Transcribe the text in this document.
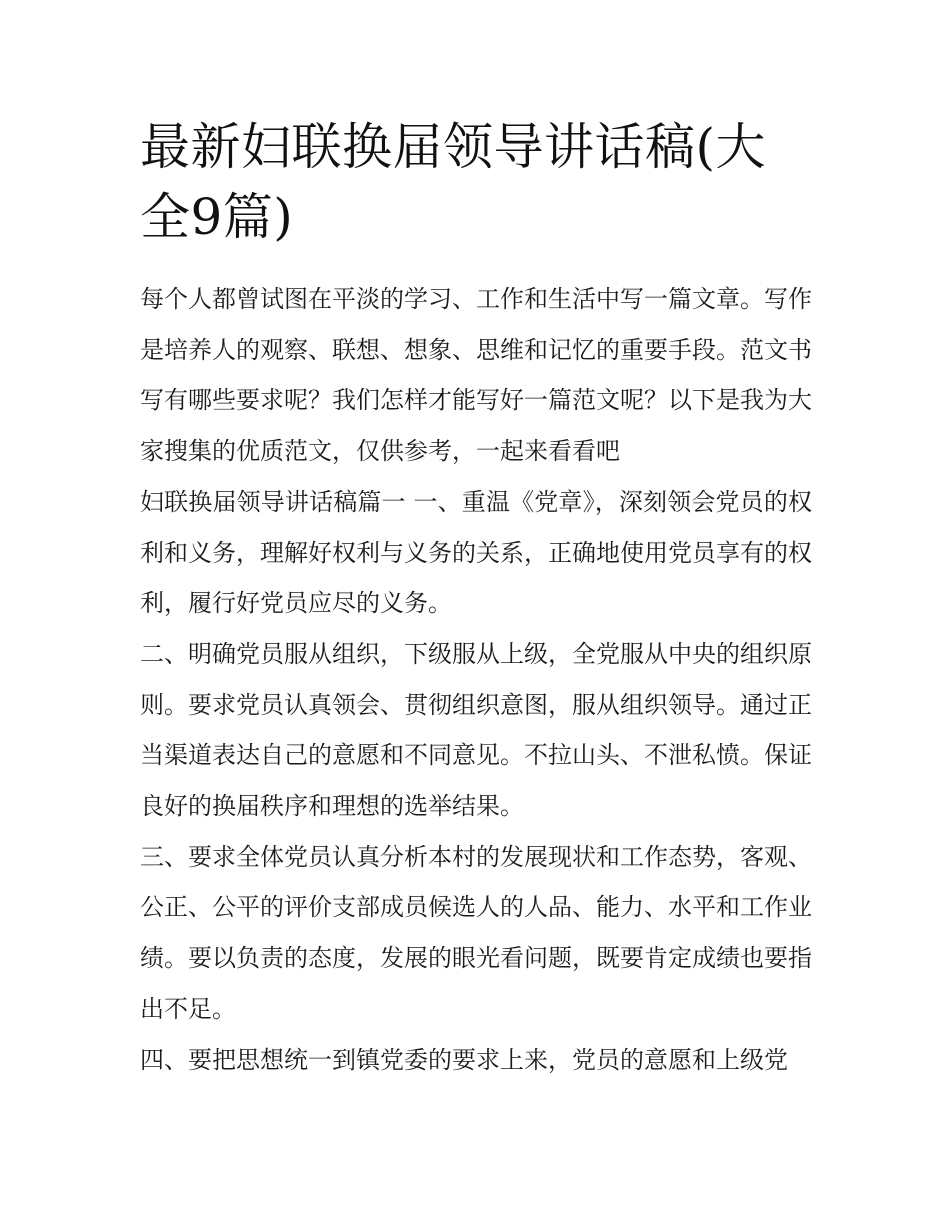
最新妇联换届领导讲话稿(大全9篇)

每个人都曾试图在平淡的学习、工作和生活中写一篇文章。写作是培养人的观察、联想、想象、思维和记忆的重要手段。范文书写有哪些要求呢？我们怎样才能写好一篇范文呢？以下是我为大家搜集的优质范文，仅供参考，一起来看看吧

妇联换届领导讲话稿篇一 一、重温《党章》，深刻领会党员的权利和义务，理解好权利与义务的关系，正确地使用党员享有的权利，履行好党员应尽的义务。

二、明确党员服从组织，下级服从上级，全党服从中央的组织原则。要求党员认真领会、贯彻组织意图，服从组织领导。通过正当渠道表达自己的意愿和不同意见。不拉山头、不泄私愤。保证良好的换届秩序和理想的选举结果。

三、要求全体党员认真分析本村的发展现状和工作态势，客观、公正、公平的评价支部成员候选人的人品、能力、水平和工作业绩。要以负责的态度，发展的眼光看问题，既要肯定成绩也要指出不足。

四、要把思想统一到镇党委的要求上来，党员的意愿和上级党
